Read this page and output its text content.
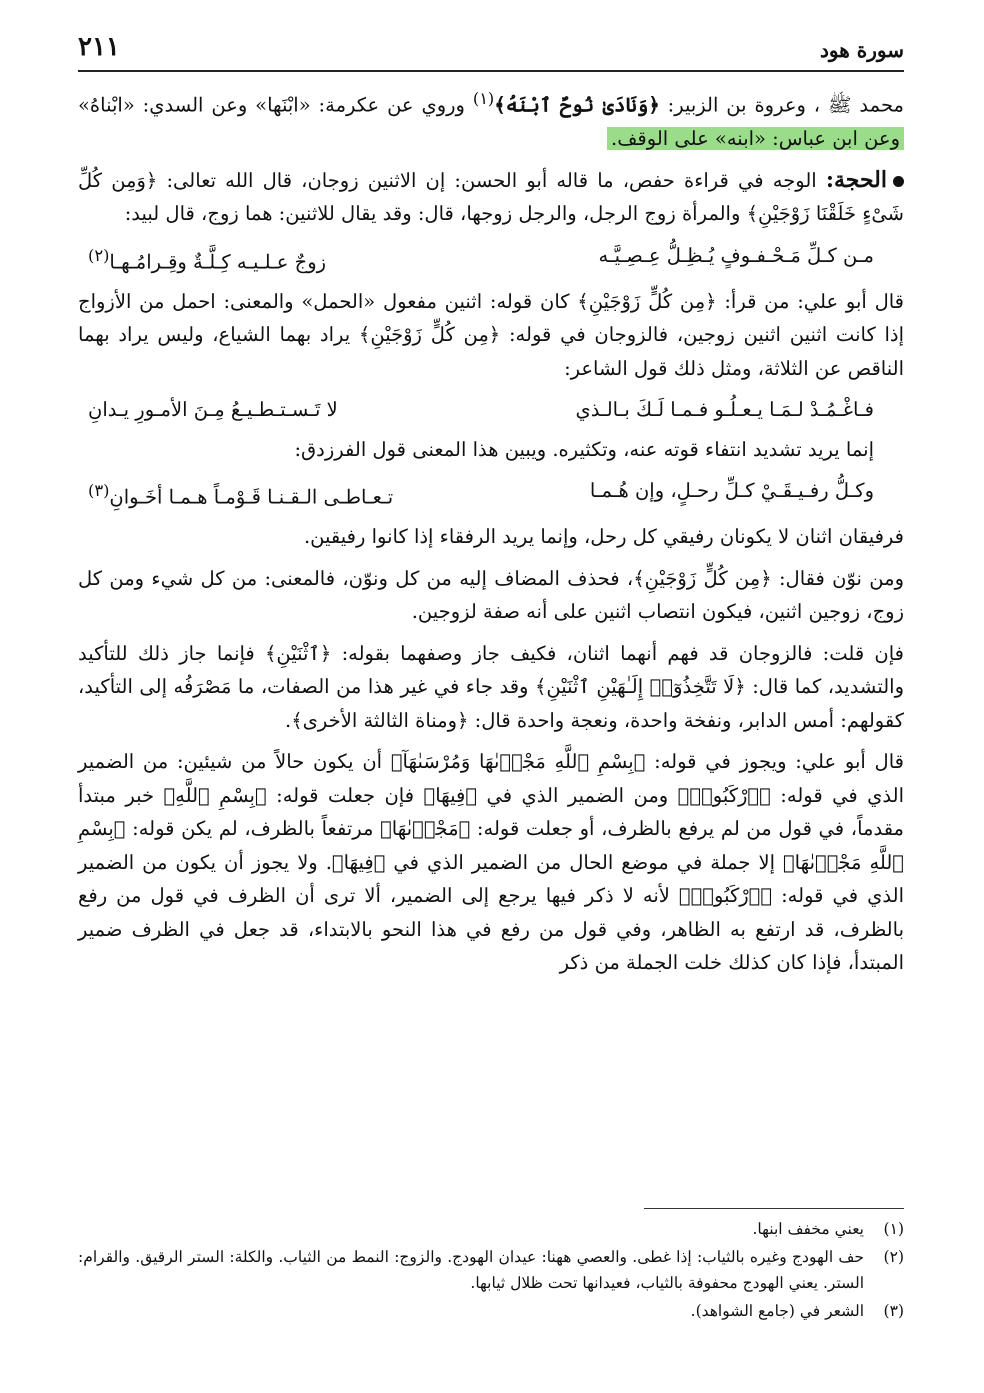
سورة هود
٢١١

محمد ﷺ ، وعروة بن الزبير: ﴿وَنَادَىٰ نُوحٌ ٱبْنَهُ﴾$^{(١)}$ وروي عن عكرمة: «ابْنَها» وعن السدي: «ابْناهُ» وعن ابن عباس: «ابنه» على الوقف.

الحجة: الوجه في قراءة حفص، ما قاله أبو الحسن: إن الاثنين زوجان، قال الله تعالى: ﴿وَمِن كُلِّ شَىْءٍ خَلَقْنَا زَوْجَيْنِ﴾ والمرأة زوج الرجل، والرجل زوجها، قال: وقد يقال للاثنين: هما زوج، قال لبيد:

مـن كـلِّ مَـحْـفـوفٍ يُـظِـلُّ عِـصِـيَّـه
زوجٌ عـلـيـه كِـلَّـةٌ وقِـرامُـهـا$^{(٢)}$

قال أبو علي: من قرأ: ﴿مِن كُلٍّ زَوْجَيْنِ﴾ كان قوله: اثنين مفعول «الحمل» والمعنى: احمل من الأزواج إذا كانت اثنين اثنين زوجين، فالزوجان في قوله: ﴿مِن كُلٍّ زَوْجَيْنِ﴾ يراد بهما الشياع، وليس يراد بهما الناقص عن الثلاثة، ومثل ذلك قول الشاعر:

فـاغْـمُـدْ لـمَـا يـعـلُـو فـمـا لَـكَ بـالـذي
لا تَـسـتـطـيـعُ مِـنَ الأمـورِ يـدانِ

إنما يريد تشديد انتفاء قوته عنه، وتكثيره. ويبين هذا المعنى قول الفرزدق:

وكـلُّ رفـيـقَـيْ كـلِّ رحـلٍ، وإن هُـمـا
تـعـاطـى الـقـنـا قَـوْمـاً هـمـا أخَـوانِ$^{(٣)}$

فرفيقان اثنان لا يكونان رفيقي كل رحل، وإنما يريد الرفقاء إذا كانوا رفيقين.

ومن نوّن فقال: ﴿مِن كُلٍّ زَوْجَيْنِ﴾، فحذف المضاف إليه من كل ونوّن، فالمعنى: من كل شيء ومن كل زوج، زوجين اثنين، فيكون انتصاب اثنين على أنه صفة لزوجين.

فإن قلت: فالزوجان قد فهم أنهما اثنان، فكيف جاز وصفهما بقوله: ﴿ٱثْنَيْنِ﴾ فإنما جاز ذلك للتأكيد والتشديد، كما قال: ﴿لَا تَتَّخِذُوٓا۟ إِلَـٰهَيْنِ ٱثْنَيْنِ﴾ وقد جاء في غير هذا من الصفات، ما مَصْرَفُه إلى التأكيد، كقولهم: أمس الدابر، ونفخة واحدة، ونعجة واحدة قال: ﴿ومناة الثالثة الأخرى﴾.

قال أبو علي: ويجوز في قوله: ﴿بِسْمِ ٱللَّهِ مَجْر۪ىٰهَا وَمُرْسَىٰهَآ﴾ أن يكون حالاً من شيئين: من الضمير الذي في قوله: ﴿ٱرْكَبُوا۟﴾ ومن الضمير الذي في ﴿فِيهَا﴾ فإن جعلت قوله: ﴿بِسْمِ ٱللَّهِ﴾ خبر مبتدأ مقدماً، في قول من لم يرفع بالظرف، أو جعلت قوله: ﴿مَجْر۪ىٰهَا﴾ مرتفعاً بالظرف، لم يكن قوله: ﴿بِسْمِ ٱللَّهِ مَجْر۪ىٰهَا﴾ إلا جملة في موضع الحال من الضمير الذي في ﴿فِيهَا﴾. ولا يجوز أن يكون من الضمير الذي في قوله: ﴿ٱرْكَبُوا۟﴾ لأنه لا ذكر فيها يرجع إلى الضمير، ألا ترى أن الظرف في قول من رفع بالظرف، قد ارتفع به الظاهر، وفي قول من رفع في هذا النحو بالابتداء، قد جعل في الظرف ضمير المبتدأ، فإذا كان كذلك خلت الجملة من ذكر

(١)
يعني مخفف ابنها.
(٢)
حف الهودج وغيره بالثياب: إذا غطى. والعصي ههنا: عيدان الهودج. والزوج: النمط من الثياب. والكلة: الستر الرقيق. والقرام: الستر. يعني الهودج محفوفة بالثياب، فعيدانها تحت ظلال ثيابها.
(٣)
الشعر في (جامع الشواهد).
